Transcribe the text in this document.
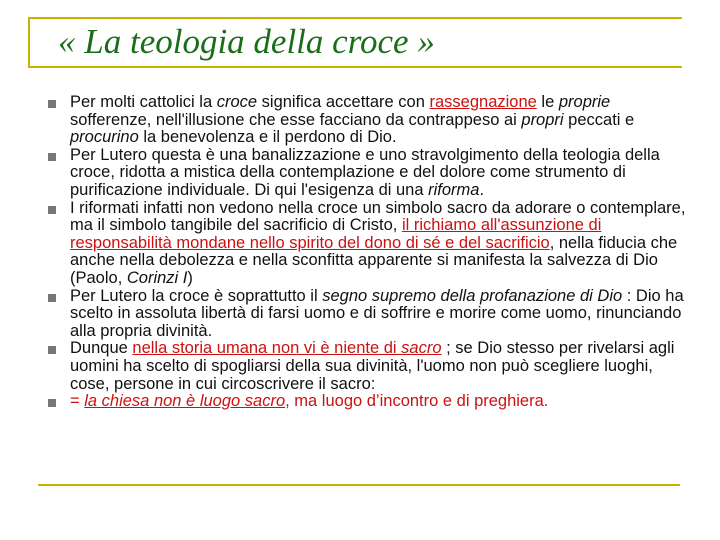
« La teologia della croce »
Per molti cattolici la croce significa accettare con rassegnazione le proprie sofferenze, nell'illusione che esse facciano da contrappeso ai propri peccati e procurino la benevolenza e il perdono di Dio.
Per Lutero questa è una banalizzazione e uno stravolgimento della teologia della croce, ridotta a mistica della contemplazione e del dolore come strumento di purificazione individuale. Di qui l'esigenza di una riforma.
I riformati infatti non vedono nella croce un simbolo sacro da adorare o contemplare, ma il simbolo tangibile del sacrificio di Cristo, il richiamo all'assunzione di responsabilità mondane nello spirito del dono di sé e del sacrificio, nella fiducia che anche nella debolezza e nella sconfitta apparente si manifesta la salvezza di Dio (Paolo, Corinzi I)
Per Lutero la croce è soprattutto il segno supremo della profanazione di Dio : Dio ha scelto in assoluta libertà di farsi uomo e di soffrire e morire come uomo, rinunciando alla propria divinità.
Dunque nella storia umana non vi è niente di sacro ; se Dio stesso per rivelarsi agli uomini ha scelto di spogliarsi della sua divinità, l'uomo non può scegliere luoghi, cose, persone in cui circoscrivere il sacro:
= la chiesa non è luogo sacro, ma luogo d’incontro e di preghiera.
